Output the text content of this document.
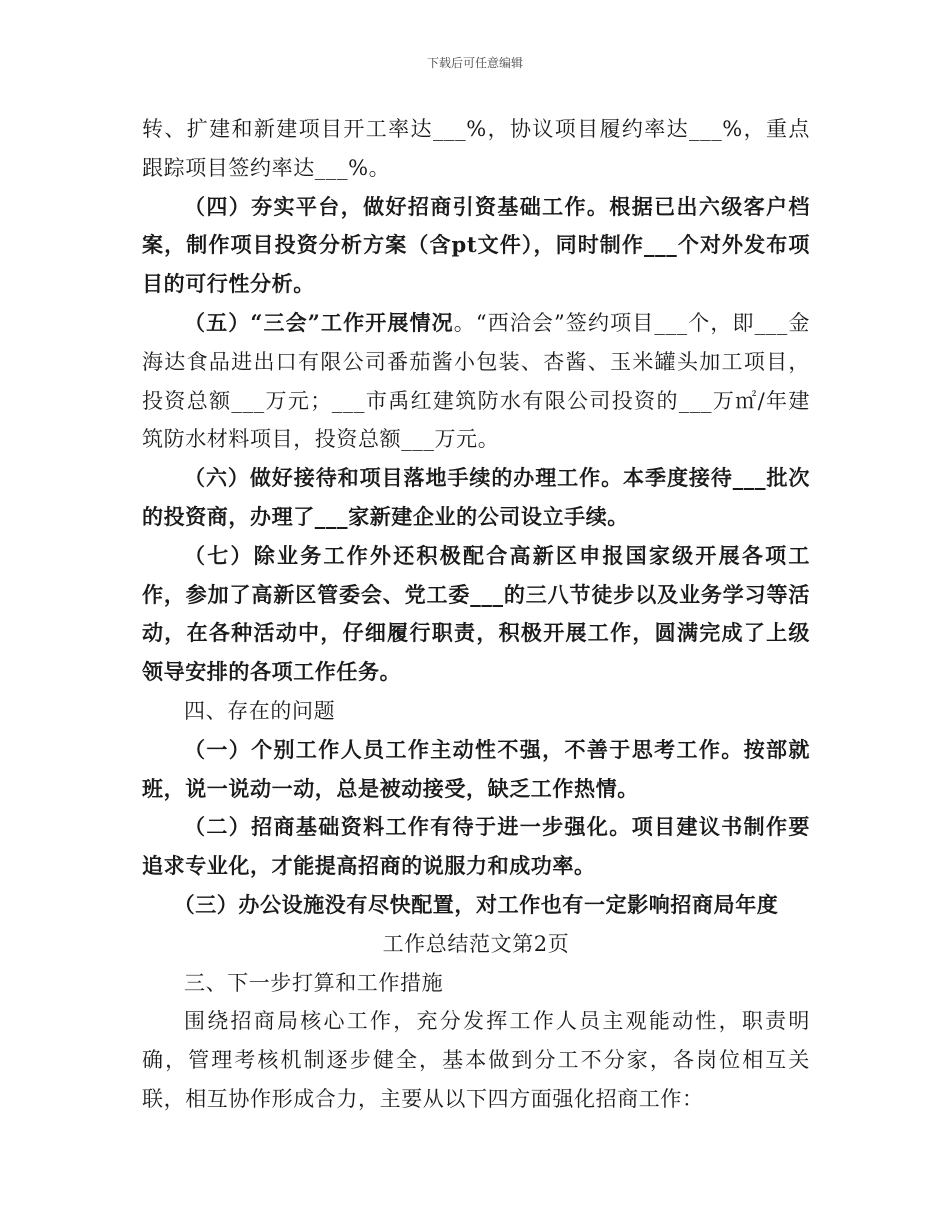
下载后可任意编辑

转、扩建和新建项目开工率达___%，协议项目履约率达___%，重点跟踪项目签约率达___%。

（四）夯实平台，做好招商引资基础工作。根据已出六级客户档案，制作项目投资分析方案（含pt文件），同时制作___个对外发布项目的可行性分析。

（五）“三会”工作开展情况。“西洽会”签约项目___个，即___金海达食品进出口有限公司番茄酱小包装、杏酱、玉米罐头加工项目，投资总额___万元；___市禹红建筑防水有限公司投资的___万㎡/年建筑防水材料项目，投资总额___万元。

（六）做好接待和项目落地手续的办理工作。本季度接待___批次的投资商，办理了___家新建企业的公司设立手续。

（七）除业务工作外还积极配合高新区申报国家级开展各项工作，参加了高新区管委会、党工委___的三八节徒步以及业务学习等活动，在各种活动中，仔细履行职责，积极开展工作，圆满完成了上级领导安排的各项工作任务。

四、存在的问题

（一）个别工作人员工作主动性不强，不善于思考工作。按部就班，说一说动一动，总是被动接受，缺乏工作热情。

（二）招商基础资料工作有待于进一步强化。项目建议书制作要追求专业化，才能提高招商的说服力和成功率。

（三）办公设施没有尽快配置，对工作也有一定影响招商局年度

工作总结范文第2页

三、下一步打算和工作措施

围绕招商局核心工作，充分发挥工作人员主观能动性，职责明确，管理考核机制逐步健全，基本做到分工不分家，各岗位相互关联，相互协作形成合力，主要从以下四方面强化招商工作：
